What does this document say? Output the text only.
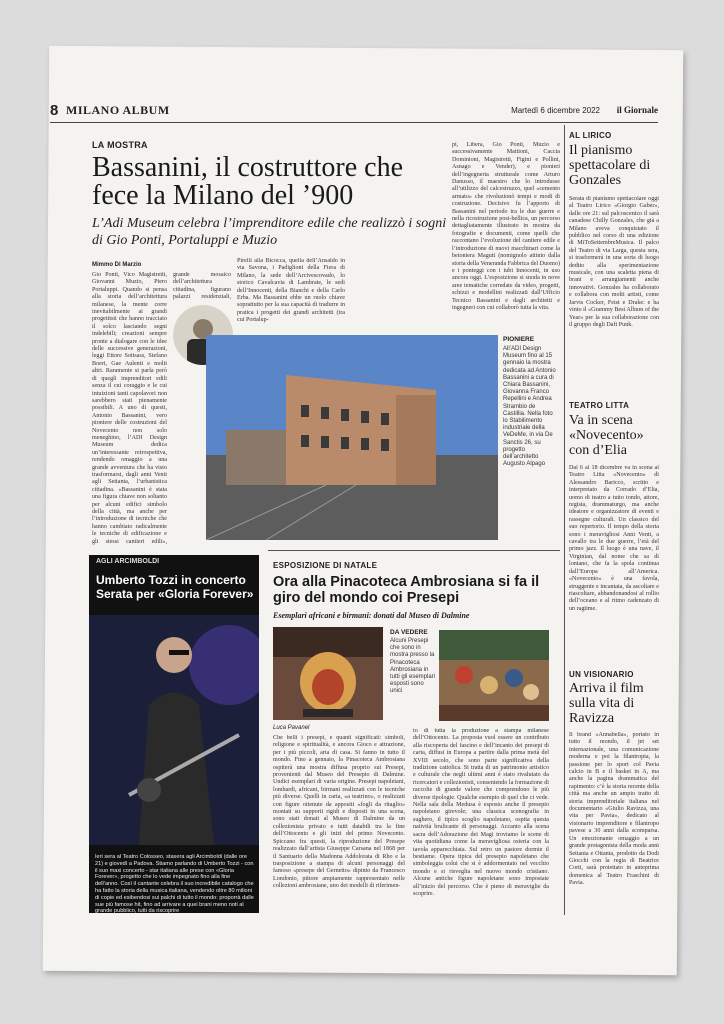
8 MILANO ALBUM	Martedì 6 dicembre 2022 il Giornale
LA MOSTRA
Bassanini, il costruttore che fece la Milano del ’900
L’Adi Museum celebra l’imprenditore edile che realizzò i sogni di Gio Ponti, Portaluppi e Muzio
Mimmo Di Marzio

Gio Ponti, Vico Magistretti, Giovanni Muzio, Piero Portaluppi. Quando si pensa alla storia dell’architettura milanese, la mente corre inevitabilmente ai grandi progettisti che hanno tracciato il solco lasciando segni indelebili; creazioni sempre pronte a dialogare con le idee delle successive generazioni, leggi Ettore Sottsass, Stefano Boeri, Gae Aulenti e molti altri. Raramente si parla però di quegli imprenditori edili senza il cui coraggio e le cui intuizioni tanti capolavori non sarebbero stati pienamente possibili. A uno di questi, Antonio Bassanini, vero pioniere delle costruzioni del Novecento non solo meneghino, l’ADI Design Museum dedica un’interessante retrospettiva, rendendo omaggio a una grande avventura che ha visto trasformarsi, dagli anni Venti agli Settanta, l’urbanistica cittadina. «Bassanini è stata una figura chiave non soltanto per alcuni edifici simbolo della città, ma anche per l’introduzione di tecniche che hanno cambiato radicalmente le tecniche di edificazione e gli stessi cantieri edili»,

grande mosaico dell’architettura cittadina, figurano palazzi residenziali,

Pirelli alla Bicocca, quella dell’Ansaldo in via Savona, i Padiglioni della Fiera di Milano, la sede dell’Arcivescovado, lo storico Cavalcavia di Lambrate, le sedi dell’Innocenti, della Bianchi e della Carlo Erba. Ma Bassanini ebbe un ruolo chiave soprattutto per la sua capacità di tradurre in pratica i progetti dei grandi architetti (tra cui Portalup-

pi, Libera, Gio Ponti, Muzio e successivamente Mattioni, Caccia Dominioni, Magistretti, Figini e Pollini, Asnago e Vender), e pionieri dell’ingegneria strutturale come Arturo Danusso, il maestro che lo introdusse all’utilizzo del calcestruzzo, quel «cemento armato» che rivoluzionò tempi e modi di costruzione. Decisivo fu l’apporto di Bassanini nel periodo tra le due guerre e nella ricostruzione post-bellica, un percorso dettagliatamente illustrato in mostra da fotografie e documenti, come quelli che raccontano l’evoluzione del cantiere edile e l’introduzione di nuovi macchinari come la betoniera Magutt (nomignolo attinto dalla storia della Veneranda Fabbrica del Duomo) e i ponteggi con i tubi Innocenti, in uso ancora oggi. L’esposizione si snoda in nove aree tematiche corredate da video, progetti, schizzi e modellini realizzati dall’Ufficio Tecnico Bassanini e dagli architetti e ingegneri con cui collaborò tutta la vita.

PIONIERE
All’ADI Design Museum fino al 15 gennaio la mostra dedicata ad Antonio Bassanini a cura di Chiara Bassanini, Giovanna Franco Repellini e Andrea Strambio de Castillia. Nella foto lo Stabilimento industriale della VeDeMe, in via De Sanctis 26, su progetto dell’architetto Augusto Alpago
AL LIRICO
Il pianismo spettacolare di Gonzales

Serata di pianismo spettacolare oggi al Teatro Lirico «Giorgio Gaber», dalle ore 21: sul palcoscenico il sarà canadese Chilly Gonzales, che già a Milano aveva conquistato il pubblico nel corso di una edizione di MiToSettembreMusica. Il palco del Teatro di via Larga, questa sera, si trasformerà in una sorta di luogo dedito alla sperimentazione musicale, con una scaletta piena di brani e arrangiamenti anche innovativi. Gonzales ha collaborato e collabora con molti artisti, come Jarvis Cocker, Feist e Drake: e ha vinto il «Grammy Best Album of the Year» per la sua collaborazione con il gruppo degli Daft Punk.

TEATRO LITTA
Va in scena «Novecento» con d’Elia

Dal 6 al 18 dicembre va in scena al Teatro Litta «Novecento» di Alessandro Baricco, scritto e interpretato da Corrado d’Elia, uomo di teatro a tutto tondo, attore, regista, drammaturgo, ma anche ideatore e organizzatore di eventi e rassegne culturali. Un classico del suo repertorio. Il tempo della storia sono i meravigliosi Anni Venti, a cavallo tra le due guerre, l’età del primo jazz. Il luogo è una nave, il Virginian, dal nome che sa di lontano, che fa la spola continua dall’Europa all’America. «Novecento» è una favola, struggente e incantata, da ascoltare e riascoltare, abbandonandosi al rollio dell’oceano e al ritmo cadenzato di un ragtime.

UN VISIONARIO
Arriva il film sulla vita di Ravizza

Il brand «Annabella», portato in tutto il mondo, il jet set internazionale, una comunicazione moderna e poi la filantropia, la passione per lo sport col Pavia calcio in B e il basket in A, ma anche la pagina drammatica del rapimento: c’è la storia recente della città ma anche un ampio tratto di storia imprenditoriale italiana nel documentario «Giulio Ravizza, una vita per Pavia», dedicato al visionario imprenditore e filantropo pavese a 30 anni dalla scomparsa. Un emozionante omaggio a un grande protagonista della moda anni Settanta e Ottanta, prodotto da Dodi Giocchi con la regia di Beatrice Corti, sarà proiettato in anteprima domenica al Teatro Fraschini di Pavia.

AGLI ARCIMBOLDI
Umberto Tozzi in concerto Serata per «Gloria Forever»
Ieri sera al Teatro Colosseo, stasera agli Arcimboldi (dalle ore 21) e giovedì a Padova. Stiamo parlando di Umberto Tozzi - con il suo maxi concerto - star italiana alle prese con «Gloria Forever», progetto che lo vede impegnato fino alla fine dell’anno. Così il cantante celebra il suo incredibile catalogo che ha fatto la storia della musica italiana, vendendo oltre 80 milioni di copie ed esibendosi sui palchi di tutto il mondo: proporrà dalle sue più famose hit, fino ad arrivare a quei brani meno noti al grande pubblico, tutti da riscoprire
ESPOSIZIONE DI NATALE
Ora alla Pinacoteca Ambrosiana si fa il giro del mondo coi Presepi
Esemplari africani e birmani: donati dal Museo di Dalmine
DA VEDERE
Alcuni Presepi che sono in mostra presso la Pinacoteca Ambrosiana in tutti gli esemplari esposti sono unici
Luca Pavanel

Che belli i presepi, e quanti significati: simboli, religione e spiritualità, e ancora Gioco e attrazione, per i più piccoli, aria di casa. Si fanno in tutto il mondo. Fino a gennaio, la Pinacoteca Ambrosiana ospiterà una mostra diffusa proprio sui Presepi, provenienti dal Museo del Presepio di Dalmine. Undici esemplari di varia origine. Presepi napoletani, lombardi, africani, birmani realizzati con le tecniche più diverse. Quelli in carta, «a teatrino», o realizzati con figure ottenute da appositi «fogli da ritaglio» montati su supporti rigidi e disposti in una scena, sono stati donati al Museo di Dalmine da un collezionista privato e tutti databili tra la fine dell’Ottocento e gli inizi del primo Novecento. Spiccano fra questi, la riproduzione del Presepe realizzato dall’artista Giuseppe Carsana nel 1868 per il Santuario della Madonna Addolorata di Rho e la trasposizione a stampa di alcuni personaggi del famoso «presepe del Gernetto» dipinto da Francesco Londonio, pittore ampiamente rappresentato nelle collezioni ambrosiane, uno dei modelli di riferimen-

to di tutta la produzione a stampa milanese dell’Ottocento. La proposta vuol essere un contributo alla riscoperta del fascino e dell’incanto dei presepi di carta, diffusi in Europa a partire dalla prima metà del XVIII secolo, che sono parte significativa della tradizione cattolica. Si tratta di un patrimonio artistico e culturale che negli ultimi anni è stato rivalutato da ricercatori e collezionisti, consentendo la formazione di raccolte di grande valore che comprendono le più diverse tipologie. Qualche esempio di quel che ci vede. Nella sala della Medusa è esposto anche il presepio napoletano girevole; una classica scenografia in sughero, il tipico scoglio napoletano, ospita questa natività brulicante di personaggi. Accanto alla scena sacra dell’Adorazione dei Magi troviamo le scene di vita quotidiana come la meravigliosa osteria con la tavola apparecchiata. Sul retro un pastore dormie il bestiame. Opera tipica del presepio napoletano che simboleggia colui che si è addormentato nel vecchio mondo e si risveglia nel nuovo mondo cristiano. Alcune antiche figure napoletane sono impostate all’inizio del percorso. Che è pieno di meraviglie da scoprire.
